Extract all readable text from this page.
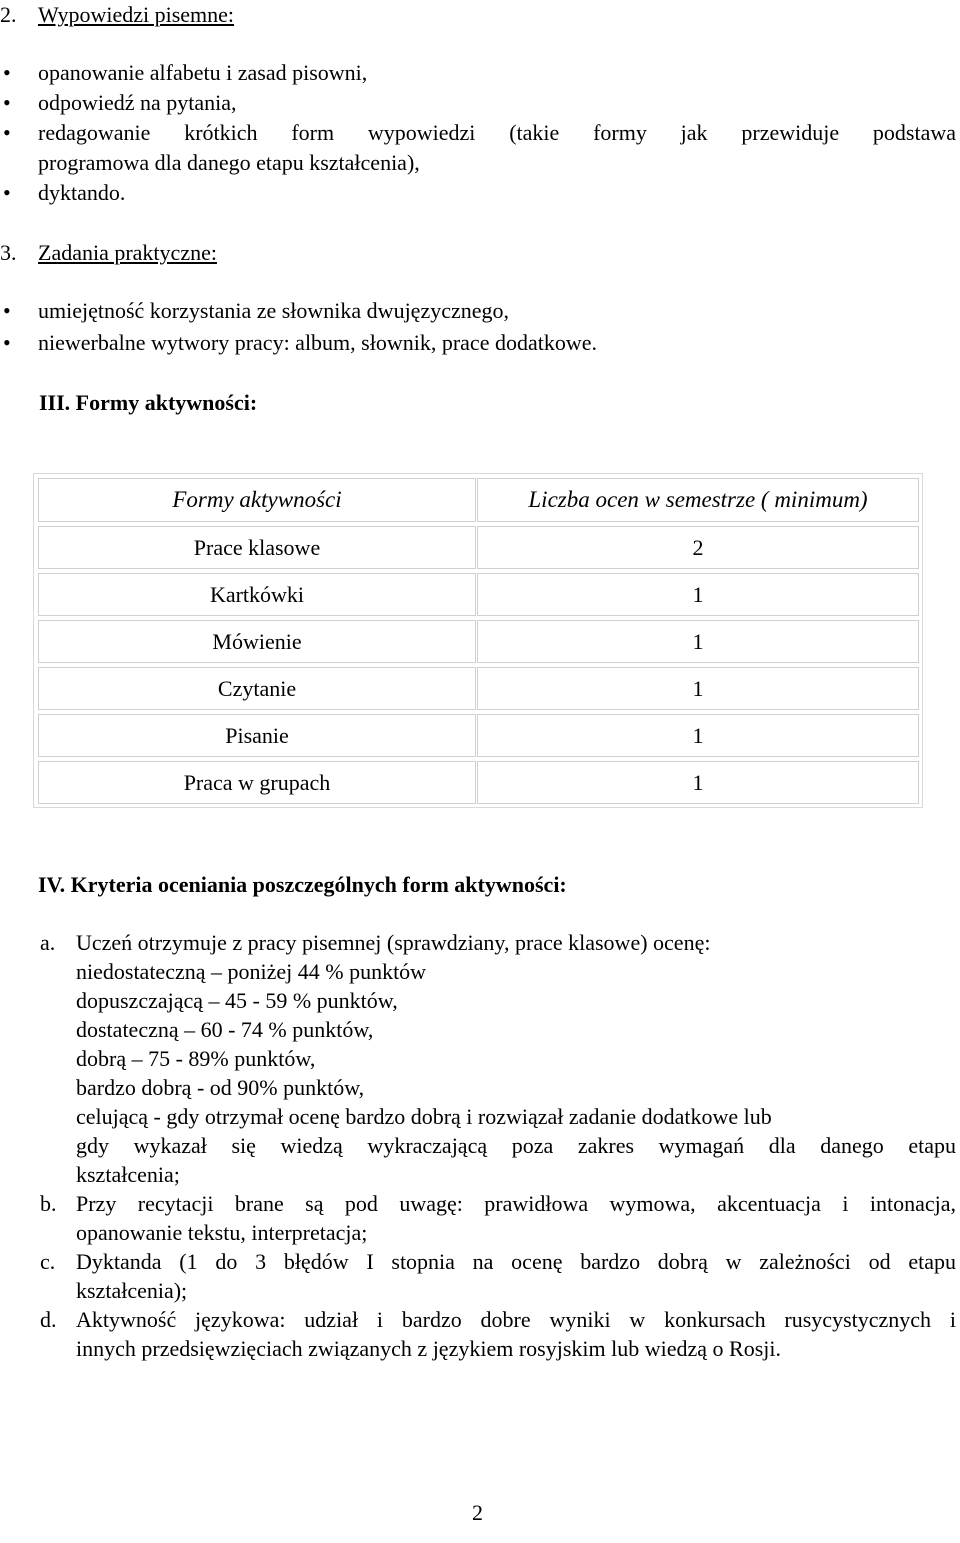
2. Wypowiedzi pisemne:
• opanowanie alfabetu i zasad pisowni,
• odpowiedź na pytania,
• redagowanie krótkich form wypowiedzi (takie formy jak przewiduje podstawa
programowa dla danego etapu kształcenia),
• dyktando.
3. Zadania praktyczne:
• umiejętność korzystania ze słownika dwujęzycznego,
• niewerbalne wytwory pracy: album, słownik, prace dodatkowe.
III. Formy aktywności:
Formy aktywności	Liczba ocen w semestrze ( minimum)
Prace klasowe	2
Kartkówki	1
Mówienie	1
Czytanie	1
Pisanie	1
Praca w grupach	1
IV. Kryteria oceniania poszczególnych form aktywności:
a. Uczeń otrzymuje z pracy pisemnej (sprawdziany, prace klasowe) ocenę:
niedostateczną – poniżej 44 % punktów
dopuszczającą – 45 - 59 % punktów,
dostateczną – 60 - 74 % punktów,
dobrą – 75 - 89% punktów,
bardzo dobrą - od 90% punktów,
celującą - gdy otrzymał ocenę bardzo dobrą i rozwiązał zadanie dodatkowe lub
gdy wykazał się wiedzą wykraczającą poza zakres wymagań dla danego etapu
kształcenia;
b. Przy recytacji brane są pod uwagę: prawidłowa wymowa, akcentuacja i intonacja,
opanowanie tekstu, interpretacja;
c. Dyktanda (1 do 3 błędów I stopnia na ocenę bardzo dobrą w zależności od etapu
kształcenia);
d. Aktywność językowa: udział i bardzo dobre wyniki w konkursach rusycystycznych i
innych przedsięwzięciach związanych z językiem rosyjskim lub wiedzą o Rosji.
2
